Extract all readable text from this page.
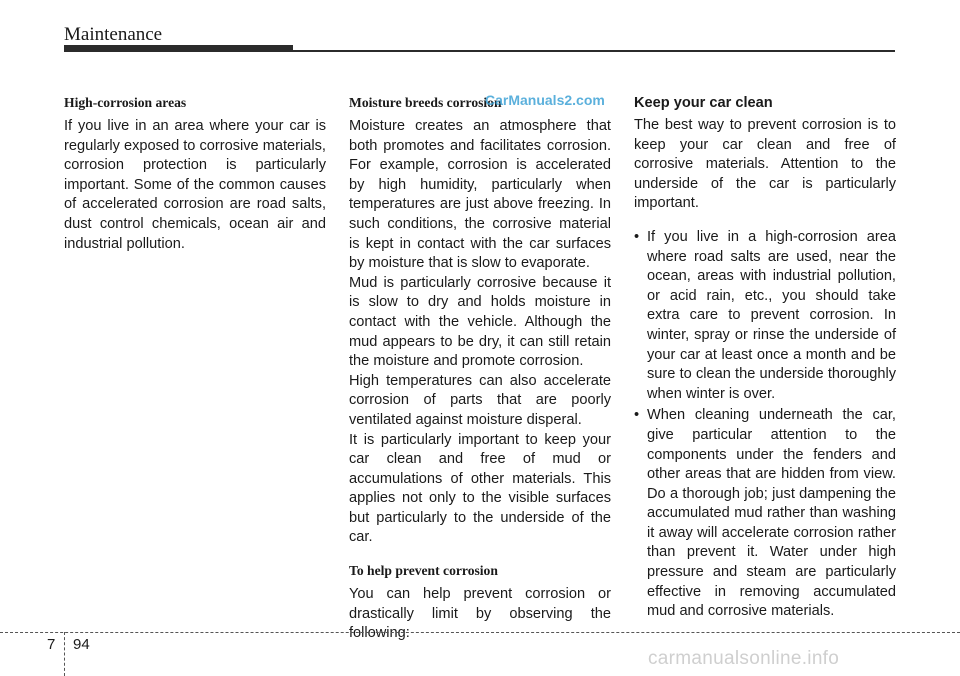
Maintenance
High-corrosion areas

If you live in an area where your car is regularly exposed to corrosive materials, corrosion protection is particularly important. Some of the common causes of accelerated corrosion are road salts, dust control chemicals, ocean air and industrial pollution.

Moisture breeds corrosion

Moisture creates an atmosphere that both promotes and facilitates corrosion. For example, corrosion is accelerated by high humidity, particularly when temperatures are just above freezing. In such conditions, the corrosive material is kept in contact with the car surfaces by moisture that is slow to evaporate.

Mud is particularly corrosive because it is slow to dry and holds moisture in contact with the vehicle. Although the mud appears to be dry, it can still retain the moisture and promote corrosion.

High temperatures can also accelerate corrosion of parts that are poorly ventilated against moisture disperal.

It is particularly important to keep your car clean and free of mud or accumulations of other materials. This applies not only to the visible surfaces but particularly to the underside of the car.

To help prevent corrosion

You can help prevent corrosion or drastically limit by observing the following:

Keep your car clean

The best way to prevent corrosion is to keep your car clean and free of corrosive materials. Attention to the underside of the car is particularly important.

• If you live in a high-corrosion area where road salts are used, near the ocean, areas with industrial pollution, or acid rain, etc., you should take extra care to prevent corrosion. In winter, spray or rinse the underside of your car at least once a month and be sure to clean the underside thoroughly when winter is over.
• When cleaning underneath the car, give particular attention to the components under the fenders and other areas that are hidden from view. Do a thorough job; just dampening the accumulated mud rather than washing it away will accelerate corrosion rather than prevent it. Water under high pressure and steam are particularly effective in removing accumulated mud and corrosive materials.
CarManuals2.com
7 94
carmanualsonline.info
